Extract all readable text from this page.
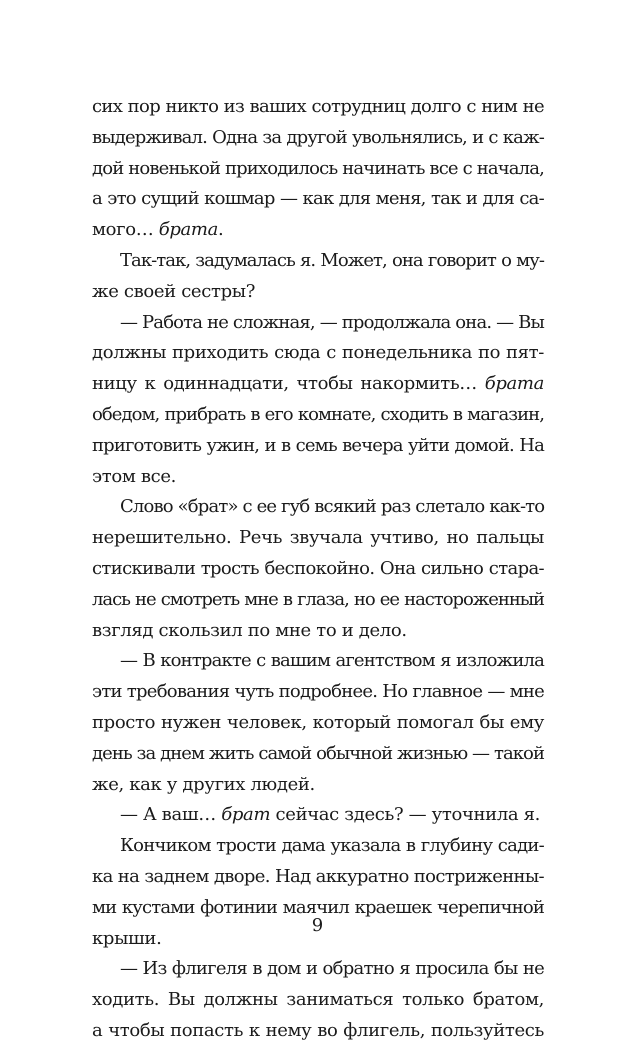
сих пор никто из ваших сотрудниц долго с ним не
выдерживал. Одна за другой увольнялись, и с каж-
дой новенькой приходилось начинать все с начала,
а это сущий кошмар — как для меня, так и для са-
мого… брата.
Так-так, задумалась я. Может, она говорит о му-
же своей сестры?
— Работа не сложная, — продолжала она. — Вы
должны приходить сюда с понедельника по пят-
ницу к одиннадцати, чтобы накормить… брата
обедом, прибрать в его комнате, сходить в магазин,
приготовить ужин, и в семь вечера уйти домой. На
этом все.
Слово «брат» с ее губ всякий раз слетало как-то
нерешительно. Речь звучала учтиво, но пальцы
стискивали трость беспокойно. Она сильно стара-
лась не смотреть мне в глаза, но ее настороженный
взгляд скользил по мне то и дело.
— В контракте с вашим агентством я изложила
эти требования чуть подробнее. Но главное — мне
просто нужен человек, который помогал бы ему
день за днем жить самой обычной жизнью — такой
же, как у других людей.
— А ваш… брат сейчас здесь? — уточнила я.
Кончиком трости дама указала в глубину сади-
ка на заднем дворе. Над аккуратно постриженны-
ми кустами фотинии маячил краешек черепичной
крыши.
— Из флигеля в дом и обратно я просила бы не
ходить. Вы должны заниматься только братом,
а чтобы попасть к нему во флигель, пользуйтесь
9
